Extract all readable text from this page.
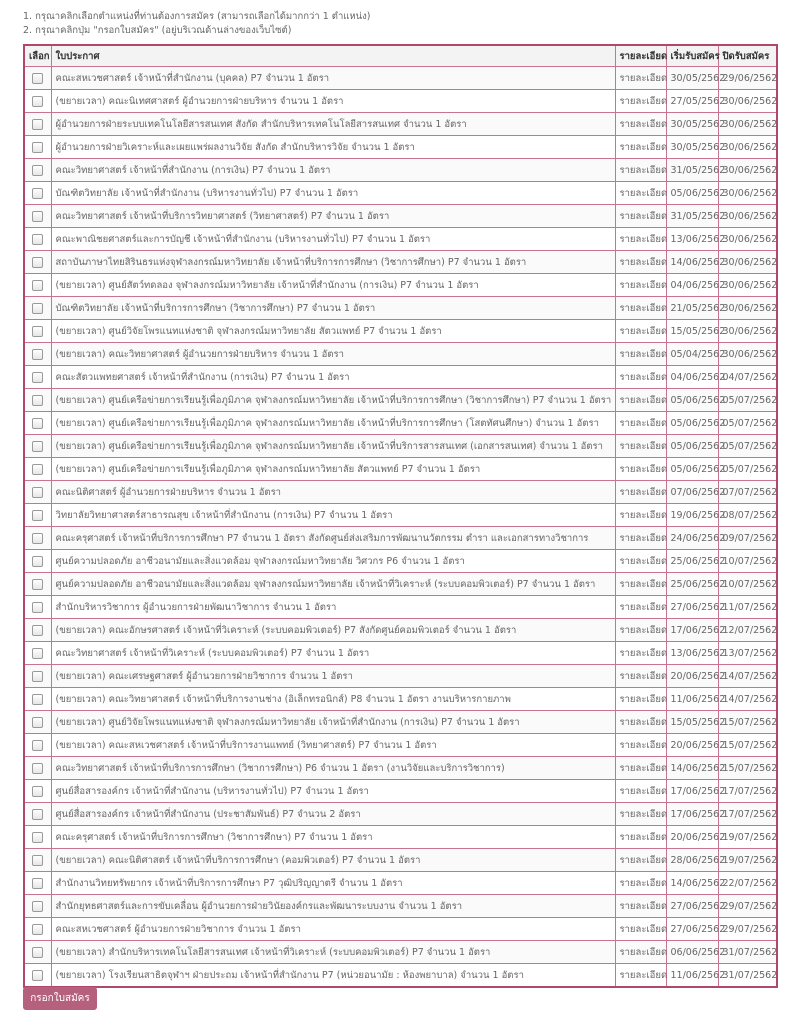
1. กรุณาคลิกเลือกตำแหน่งที่ท่านต้องการสมัคร (สามารถเลือกได้มากกว่า 1 ตำแหน่ง)
2. กรุณาคลิกปุ่ม "กรอกใบสมัคร" (อยู่บริเวณด้านล่างของเว็บไซต์)
เลือก	ใบประกาศ	รายละเอียด	เริ่มรับสมัคร	ปิดรับสมัคร
	คณะสหเวชศาสตร์ เจ้าหน้าที่สำนักงาน (บุคคล) P7 จำนวน 1 อัตรา	รายละเอียด	30/05/2562	29/06/2562
	(ขยายเวลา) คณะนิเทศศาสตร์ ผู้อำนวยการฝ่ายบริหาร จำนวน 1 อัตรา	รายละเอียด	27/05/2562	30/06/2562
	ผู้อำนวยการฝ่ายระบบเทคโนโลยีสารสนเทศ สังกัด สำนักบริหารเทคโนโลยีสารสนเทศ จำนวน 1 อัตรา	รายละเอียด	30/05/2562	30/06/2562
	ผู้อำนวยการฝ่ายวิเคราะห์และเผยแพร่ผลงานวิจัย สังกัด สำนักบริหารวิจัย จำนวน 1 อัตรา	รายละเอียด	30/05/2562	30/06/2562
	คณะวิทยาศาสตร์ เจ้าหน้าที่สำนักงาน (การเงิน) P7 จำนวน 1 อัตรา	รายละเอียด	31/05/2562	30/06/2562
	บัณฑิตวิทยาลัย เจ้าหน้าที่สำนักงาน (บริหารงานทั่วไป) P7 จำนวน 1 อัตรา	รายละเอียด	05/06/2562	30/06/2562
	คณะวิทยาศาสตร์ เจ้าหน้าที่บริการวิทยาศาสตร์ (วิทยาศาสตร์) P7 จำนวน 1 อัตรา	รายละเอียด	31/05/2562	30/06/2562
	คณะพาณิชยศาสตร์และการบัญชี เจ้าหน้าที่สำนักงาน (บริหารงานทั่วไป) P7 จำนวน 1 อัตรา	รายละเอียด	13/06/2562	30/06/2562
	สถาบันภาษาไทยสิรินธรแห่งจุฬาลงกรณ์มหาวิทยาลัย เจ้าหน้าที่บริการการศึกษา (วิชาการศึกษา) P7 จำนวน 1 อัตรา	รายละเอียด	14/06/2562	30/06/2562
	(ขยายเวลา) ศูนย์สัตว์ทดลอง จุฬาลงกรณ์มหาวิทยาลัย เจ้าหน้าที่สำนักงาน (การเงิน) P7 จำนวน 1 อัตรา	รายละเอียด	04/06/2562	30/06/2562
	บัณฑิตวิทยาลัย เจ้าหน้าที่บริการการศึกษา (วิชาการศึกษา) P7 จำนวน 1 อัตรา	รายละเอียด	21/05/2562	30/06/2562
	(ขยายเวลา) ศูนย์วิจัยโพรแนทแห่งชาติ จุฬาลงกรณ์มหาวิทยาลัย สัตวแพทย์ P7 จำนวน 1 อัตรา	รายละเอียด	15/05/2562	30/06/2562
	(ขยายเวลา) คณะวิทยาศาสตร์ ผู้อำนวยการฝ่ายบริหาร จำนวน 1 อัตรา	รายละเอียด	05/04/2562	30/06/2562
	คณะสัตวแพทยศาสตร์ เจ้าหน้าที่สำนักงาน (การเงิน) P7 จำนวน 1 อัตรา	รายละเอียด	04/06/2562	04/07/2562
	(ขยายเวลา) ศูนย์เครือข่ายการเรียนรู้เพื่อภูมิภาค จุฬาลงกรณ์มหาวิทยาลัย เจ้าหน้าที่บริการการศึกษา (วิชาการศึกษา) P7 จำนวน 1 อัตรา	รายละเอียด	05/06/2562	05/07/2562
	(ขยายเวลา) ศูนย์เครือข่ายการเรียนรู้เพื่อภูมิภาค จุฬาลงกรณ์มหาวิทยาลัย เจ้าหน้าที่บริการการศึกษา (โสตทัศนศึกษา) จำนวน 1 อัตรา	รายละเอียด	05/06/2562	05/07/2562
	(ขยายเวลา) ศูนย์เครือข่ายการเรียนรู้เพื่อภูมิภาค จุฬาลงกรณ์มหาวิทยาลัย เจ้าหน้าที่บริการสารสนเทศ (เอกสารสนเทศ) จำนวน 1 อัตรา	รายละเอียด	05/06/2562	05/07/2562
	(ขยายเวลา) ศูนย์เครือข่ายการเรียนรู้เพื่อภูมิภาค จุฬาลงกรณ์มหาวิทยาลัย สัตวแพทย์ P7 จำนวน 1 อัตรา	รายละเอียด	05/06/2562	05/07/2562
	คณะนิติศาสตร์ ผู้อำนวยการฝ่ายบริหาร จำนวน 1 อัตรา	รายละเอียด	07/06/2562	07/07/2562
	วิทยาลัยวิทยาศาสตร์สาธารณสุข เจ้าหน้าที่สำนักงาน (การเงิน) P7 จำนวน 1 อัตรา	รายละเอียด	19/06/2562	08/07/2562
	คณะครุศาสตร์ เจ้าหน้าที่บริการการศึกษา P7 จำนวน 1 อัตรา สังกัดศูนย์ส่งเสริมการพัฒนานวัตกรรม ตำรา และเอกสารทางวิชาการ	รายละเอียด	24/06/2562	09/07/2562
	ศูนย์ความปลอดภัย อาชีวอนามัยและสิ่งแวดล้อม จุฬาลงกรณ์มหาวิทยาลัย วิศวกร P6 จำนวน 1 อัตรา	รายละเอียด	25/06/2562	10/07/2562
	ศูนย์ความปลอดภัย อาชีวอนามัยและสิ่งแวดล้อม จุฬาลงกรณ์มหาวิทยาลัย เจ้าหน้าที่วิเคราะห์ (ระบบคอมพิวเตอร์) P7 จำนวน 1 อัตรา	รายละเอียด	25/06/2562	10/07/2562
	สำนักบริหารวิชาการ ผู้อำนวยการฝ่ายพัฒนาวิชาการ จำนวน 1 อัตรา	รายละเอียด	27/06/2562	11/07/2562
	(ขยายเวลา) คณะอักษรศาสตร์ เจ้าหน้าที่วิเคราะห์ (ระบบคอมพิวเตอร์) P7 สังกัดศูนย์คอมพิวเตอร์ จำนวน 1 อัตรา	รายละเอียด	17/06/2562	12/07/2562
	คณะวิทยาศาสตร์ เจ้าหน้าที่วิเคราะห์ (ระบบคอมพิวเตอร์) P7 จำนวน 1 อัตรา	รายละเอียด	13/06/2562	13/07/2562
	(ขยายเวลา) คณะเศรษฐศาสตร์ ผู้อำนวยการฝ่ายวิชาการ จำนวน 1 อัตรา	รายละเอียด	20/06/2562	14/07/2562
	(ขยายเวลา) คณะวิทยาศาสตร์ เจ้าหน้าที่บริการงานช่าง (อิเล็กทรอนิกส์) P8 จำนวน 1 อัตรา งานบริหารกายภาพ	รายละเอียด	11/06/2562	14/07/2562
	(ขยายเวลา) ศูนย์วิจัยโพรแนทแห่งชาติ จุฬาลงกรณ์มหาวิทยาลัย เจ้าหน้าที่สำนักงาน (การเงิน) P7 จำนวน 1 อัตรา	รายละเอียด	15/05/2562	15/07/2562
	(ขยายเวลา) คณะสหเวชศาสตร์ เจ้าหน้าที่บริการงานแพทย์ (วิทยาศาสตร์) P7 จำนวน 1 อัตรา	รายละเอียด	20/06/2562	15/07/2562
	คณะวิทยาศาสตร์ เจ้าหน้าที่บริการการศึกษา (วิชาการศึกษา) P6 จำนวน 1 อัตรา (งานวิจัยและบริการวิชาการ)	รายละเอียด	14/06/2562	15/07/2562
	ศูนย์สื่อสารองค์กร เจ้าหน้าที่สำนักงาน (บริหารงานทั่วไป) P7 จำนวน 1 อัตรา	รายละเอียด	17/06/2562	17/07/2562
	ศูนย์สื่อสารองค์กร เจ้าหน้าที่สำนักงาน (ประชาสัมพันธ์) P7 จำนวน 2 อัตรา	รายละเอียด	17/06/2562	17/07/2562
	คณะครุศาสตร์ เจ้าหน้าที่บริการการศึกษา (วิชาการศึกษา) P7 จำนวน 1 อัตรา	รายละเอียด	20/06/2562	19/07/2562
	(ขยายเวลา) คณะนิติศาสตร์ เจ้าหน้าที่บริการการศึกษา (คอมพิวเตอร์) P7 จำนวน 1 อัตรา	รายละเอียด	28/06/2562	19/07/2562
	สำนักงานวิทยทรัพยากร เจ้าหน้าที่บริการการศึกษา P7 วุฒิปริญญาตรี จำนวน 1 อัตรา	รายละเอียด	14/06/2562	22/07/2562
	สำนักยุทธศาสตร์และการขับเคลื่อน ผู้อำนวยการฝ่ายวินัยองค์กรและพัฒนาระบบงาน จำนวน 1 อัตรา	รายละเอียด	27/06/2562	29/07/2562
	คณะสหเวชศาสตร์ ผู้อำนวยการฝ่ายวิชาการ จำนวน 1 อัตรา	รายละเอียด	27/06/2562	29/07/2562
	(ขยายเวลา) สำนักบริหารเทคโนโลยีสารสนเทศ เจ้าหน้าที่วิเคราะห์ (ระบบคอมพิวเตอร์) P7 จำนวน 1 อัตรา	รายละเอียด	06/06/2562	31/07/2562
	(ขยายเวลา) โรงเรียนสาธิตจุฬาฯ ฝ่ายประถม เจ้าหน้าที่สำนักงาน P7 (หน่วยอนามัย : ห้องพยาบาล) จำนวน 1 อัตรา	รายละเอียด	11/06/2562	31/07/2562
กรอกใบสมัคร
